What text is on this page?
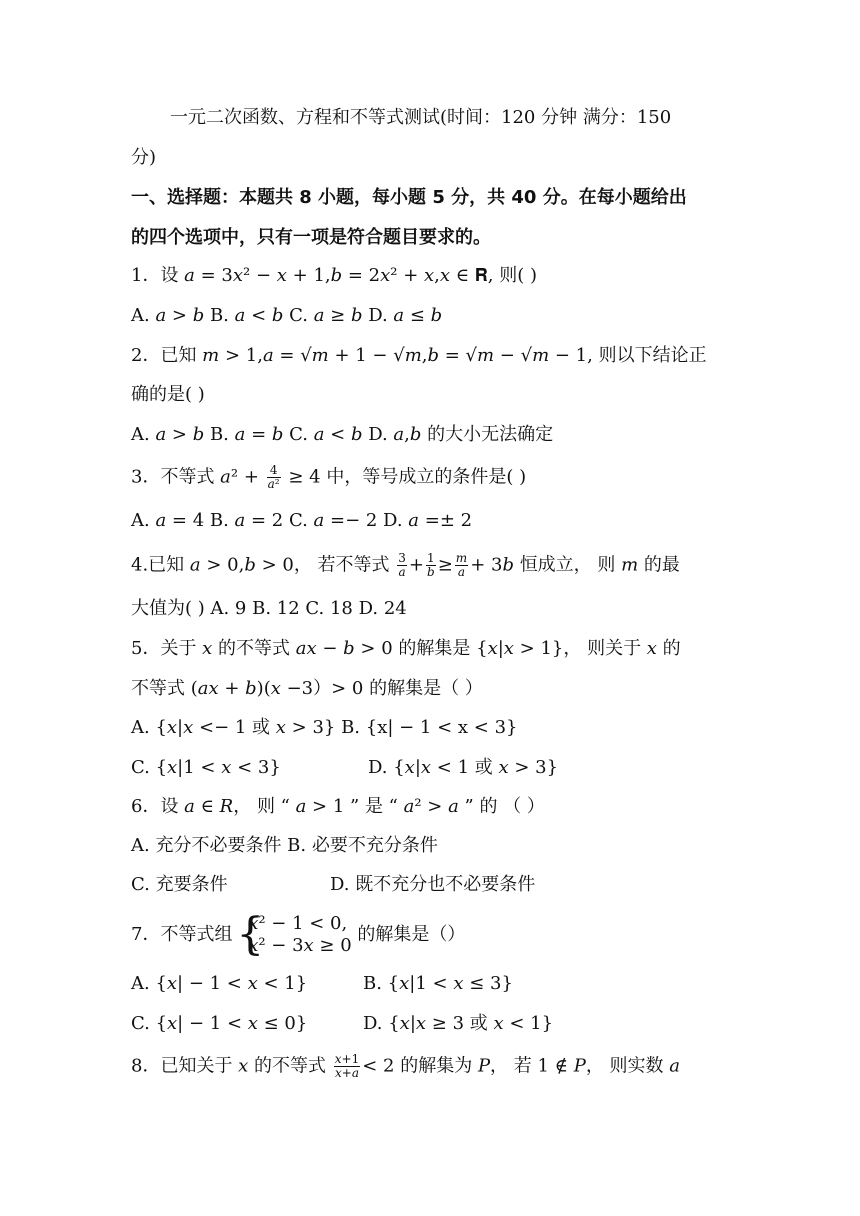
一元二次函数、方程和不等式测试(时间：120 分钟 满分：150
分)
一、选择题：本题共 8 小题，每小题 5 分，共 40 分。在每小题给出
的四个选项中，只有一项是符合题目要求的。
1．设 𝑎 = 3𝑥² − 𝑥 + 1,𝑏 = 2𝑥² + 𝑥,𝑥 ∈ 𝐑, 则( )
A. 𝑎 > 𝑏 B. 𝑎 < 𝑏 C. 𝑎 ≥ 𝑏 D. 𝑎 ≤ 𝑏
2．已知 𝑚 > 1,𝑎 = √𝑚 + 1 − √𝑚,𝑏 = √𝑚 − √𝑚 − 1, 则以下结论正
确的是( )
A. 𝑎 > 𝑏 B. 𝑎 = 𝑏 C. 𝑎 < 𝑏 D. 𝑎,𝑏 的大小无法确定
3．不等式 𝑎² + $\frac{4}{\text{𝑎²}} \ge 4$ 中，等号成立的条件是( )
A. 𝑎 = 4 B. 𝑎 = 2 C. 𝑎 =− 2 D. 𝑎 =± 2
4.已知 𝑎 > 0,𝑏 > 0， 若不等式 $\frac{3}{\text{𝑎}} + \frac{1}{\text{𝑏}} \ge \frac{\text{𝑚}}{\text{𝑎}}$ + 3𝑏 恒成立， 则 𝑚 的最
大值为( ) A. 9 B. 12 C. 18 D. 24
5．关于 𝑥 的不等式 𝑎𝑥 − 𝑏 > 0 的解集是 {𝑥|𝑥 > 1}， 则关于 𝑥 的
不等式 (𝑎𝑥 + 𝑏)(𝑥 −3）> 0 的解集是（ ）
A. {𝑥|𝑥 <− 1 或 𝑥 > 3} B. {x| − 1 < x < 3}
C. {𝑥|1 < 𝑥 < 3}	D. {𝑥|𝑥 < 1 或 𝑥 > 3}
6．设 𝑎 ∈ 𝑅， 则 “ 𝑎 > 1 ” 是 “ 𝑎² > 𝑎 ” 的 （ ）
A. 充分不必要条件 B. 必要不充分条件
C. 充要条件	D. 既不充分也不必要条件
7．不等式组
{
𝑥² − 1 < 0,
𝑥² − 3𝑥 ≥ 0
的解集是（）
A. {𝑥| − 1 < 𝑥 < 1}	B. {𝑥|1 < 𝑥 ≤ 3}
C. {𝑥| − 1 < 𝑥 ≤ 0}	D. {𝑥|𝑥 ≥ 3 或 𝑥 < 1}
8．已知关于 𝑥 的不等式 $\frac{\text{𝑥+1}}{\text{𝑥+𝑎}} < 2$ 的解集为 𝑃， 若 1 ∉ 𝑃， 则实数 𝑎
